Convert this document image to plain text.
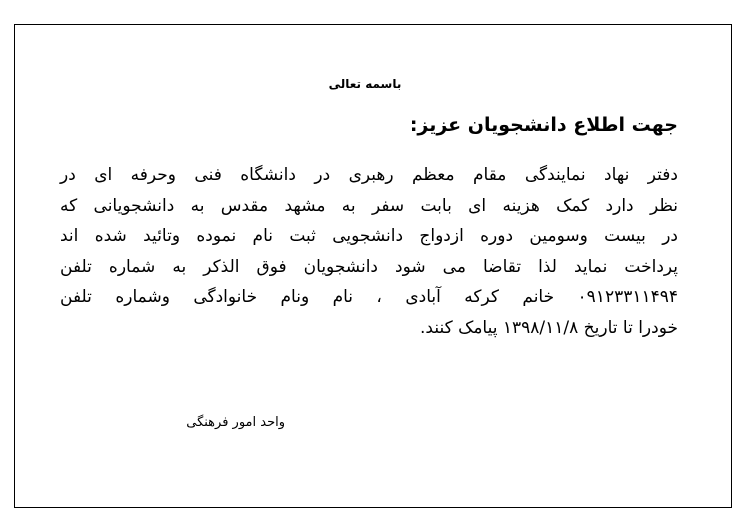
باسمه تعالی
جهت اطلاع دانشجویان عزیز:
دفتر نهاد نمایندگی مقام معظم رهبری در دانشگاه فنی وحرفه ای در
نظر دارد کمک هزینه ای بابت سفر به مشهد مقدس به دانشجویانی که
در بیست وسومین دوره ازدواج دانشجویی ثبت نام نموده وتائید شده اند
پرداخت نماید لذا تقاضا می شود دانشجویان فوق الذکر به شماره تلفن
۰۹۱۲۳۳۱۱۴۹۴ خانم کرکه آبادی ، نام ونام خانوادگی وشماره تلفن
خودرا تا تاریخ ۱۳۹۸/۱۱/۸ پیامک کنند.
واحد امور فرهنگی
